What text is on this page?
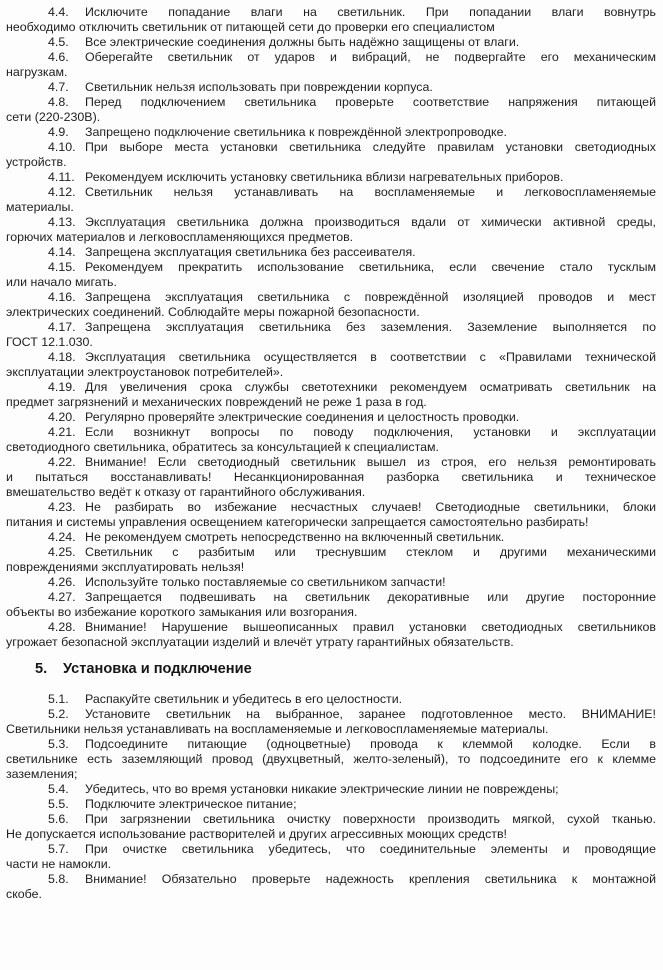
4.4. Исключите попадание влаги на светильник. При попадании влаги вовнутрь
необходимо отключить светильник от питающей сети до проверки его специалистом
4.5. Все электрические соединения должны быть надёжно защищены от влаги.
4.6. Оберегайте светильник от ударов и вибраций, не подвергайте его механическим
нагрузкам.
4.7. Светильник нельзя использовать при повреждении корпуса.
4.8. Перед подключением светильника проверьте соответствие напряжения питающей
сети (220-230В).
4.9. Запрещено подключение светильника к повреждённой электропроводке.
4.10. При выборе места установки светильника следуйте правилам установки светодиодных
устройств.
4.11. Рекомендуем исключить установку светильника вблизи нагревательных приборов.
4.12. Светильник нельзя устанавливать на воспламеняемые и легковоспламеняемые
материалы.
4.13. Эксплуатация светильника должна производиться вдали от химически активной среды,
горючих материалов и легковоспламеняющихся предметов.
4.14. Запрещена эксплуатация светильника без рассеивателя.
4.15. Рекомендуем прекратить использование светильника, если свечение стало тусклым
или начало мигать.
4.16. Запрещена эксплуатация светильника с повреждённой изоляцией проводов и мест
электрических соединений. Соблюдайте меры пожарной безопасности.
4.17. Запрещена эксплуатация светильника без заземления. Заземление выполняется по
ГОСТ 12.1.030.
4.18. Эксплуатация светильника осуществляется в соответствии с «Правилами технической
эксплуатации электроустановок потребителей».
4.19. Для увеличения срока службы светотехники рекомендуем осматривать светильник на
предмет загрязнений и механических повреждений не реже 1 раза в год.
4.20. Регулярно проверяйте электрические соединения и целостность проводки.
4.21. Если возникнут вопросы по поводу подключения, установки и эксплуатации
светодиодного светильника, обратитесь за консультацией к специалистам.
4.22. Внимание! Если светодиодный светильник вышел из строя, его нельзя ремонтировать
и пытаться восстанавливать! Несанкционированная разборка светильника и техническое
вмешательство ведёт к отказу от гарантийного обслуживания.
4.23. Не разбирать во избежание несчастных случаев! Светодиодные светильники, блоки
питания и системы управления освещением категорически запрещается самостоятельно разбирать!
4.24. Не рекомендуем смотреть непосредственно на включенный светильник.
4.25. Светильник с разбитым или треснувшим стеклом и другими механическими
повреждениями эксплуатировать нельзя!
4.26. Используйте только поставляемые со светильником запчасти!
4.27. Запрещается подвешивать на светильник декоративные или другие посторонние
объекты во избежание короткого замыкания или возгорания.
4.28. Внимание! Нарушение вышеописанных правил установки светодиодных светильников
угрожает безопасной эксплуатации изделий и влечёт утрату гарантийных обязательств.
5. Установка и подключение
5.1. Распакуйте светильник и убедитесь в его целостности.
5.2. Установите светильник на выбранное, заранее подготовленное место. ВНИМАНИЕ!
Светильники нельзя устанавливать на воспламеняемые и легковоспламеняемые материалы.
5.3. Подсоедините питающие (одноцветные) провода к клеммой колодке. Если в
светильнике есть заземляющий провод (двухцветный, желто-зеленый), то подсоедините его к клемме
заземления;
5.4. Убедитесь, что во время установки никакие электрические линии не повреждены;
5.5. Подключите электрическое питание;
5.6. При загрязнении светильника очистку поверхности производить мягкой, сухой тканью.
Не допускается использование растворителей и других агрессивных моющих средств!
5.7. При очистке светильника убедитесь, что соединительные элементы и проводящие
части не намокли.
5.8. Внимание! Обязательно проверьте надежность крепления светильника к монтажной
скобе.
